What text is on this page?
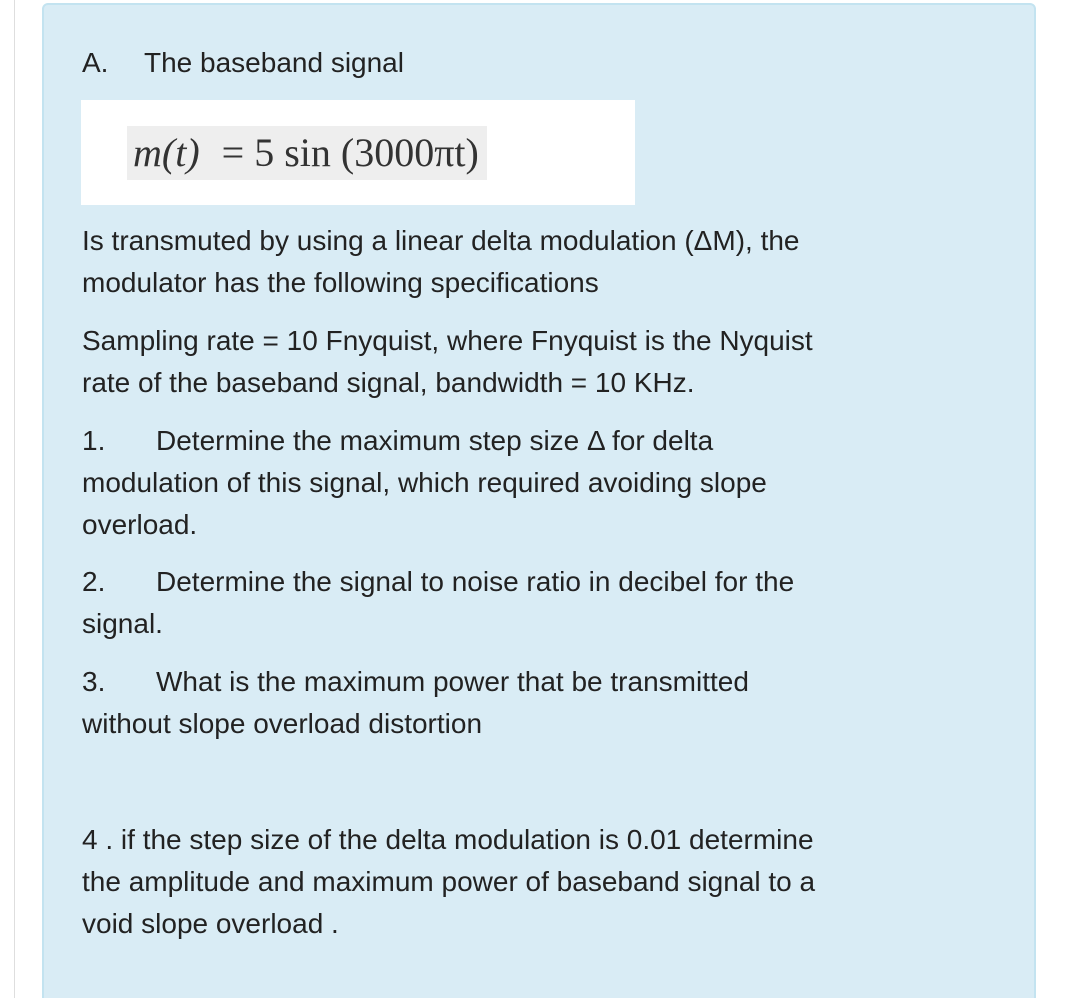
A. The baseband signal
m(t) = 5 sin (3000πt)
Is transmuted by using a linear delta modulation (ΔM), the
modulator has the following specifications
Sampling rate = 10 Fnyquist, where Fnyquist is the Nyquist
rate of the baseband signal, bandwidth = 10 KHz.
1. Determine the maximum step size Δ for delta
modulation of this signal, which required avoiding slope
overload.
2. Determine the signal to noise ratio in decibel for the
signal.
3. What is the maximum power that be transmitted
without slope overload distortion
4 . if the step size of the delta modulation is 0.01 determine
the amplitude and maximum power of baseband signal to a
void slope overload .
